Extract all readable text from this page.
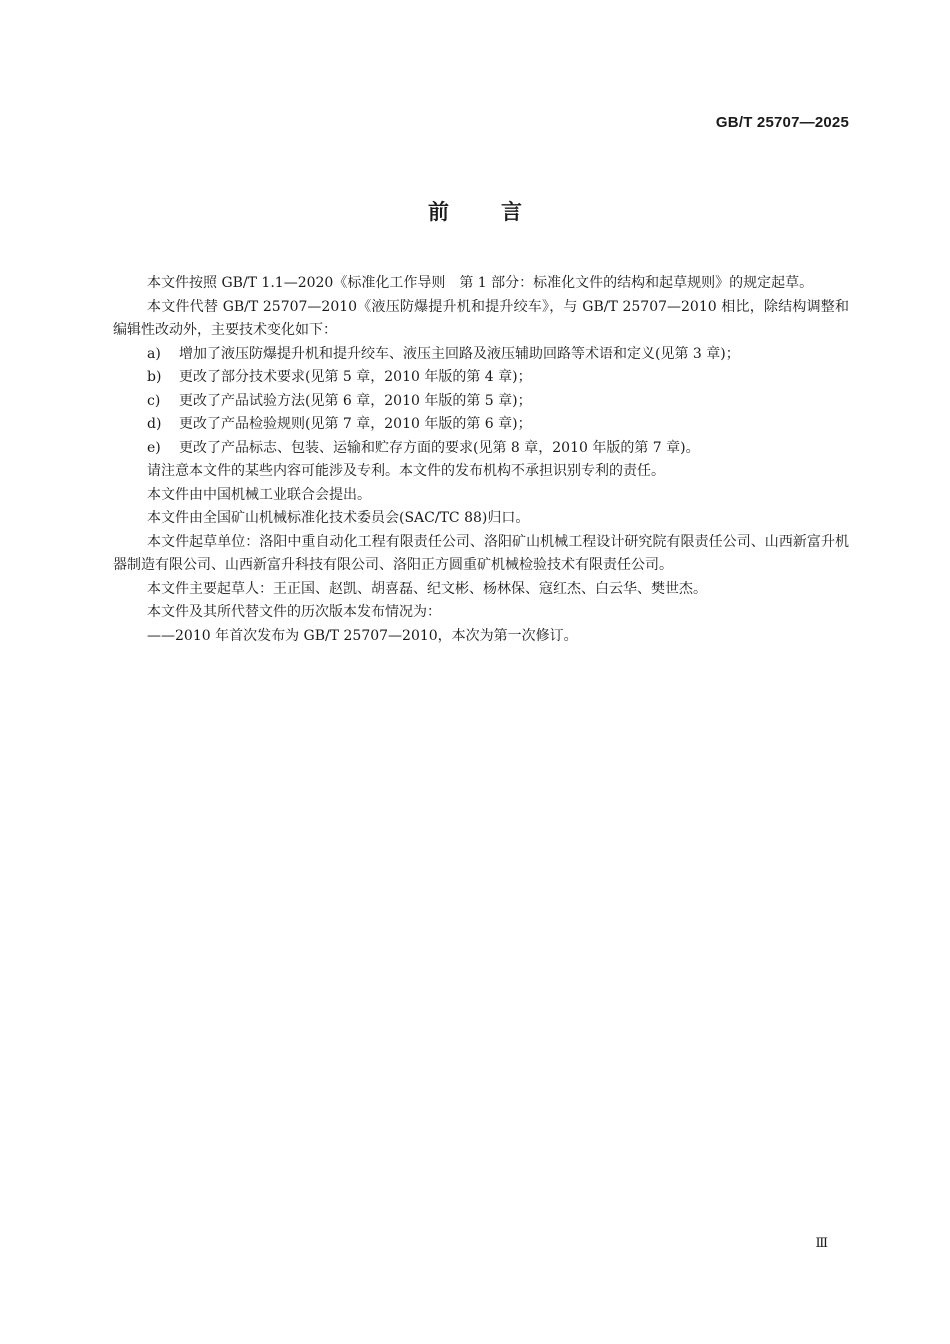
GB/T 25707—2025
前言

本文件按照 GB/T 1.1—2020《标准化工作导则　第 1 部分：标准化文件的结构和起草规则》的规定起草。

本文件代替 GB/T 25707—2010《液压防爆提升机和提升绞车》，与 GB/T 25707—2010 相比，除结构调整和编辑性改动外，主要技术变化如下：

a) 增加了液压防爆提升机和提升绞车、液压主回路及液压辅助回路等术语和定义(见第 3 章)；

b) 更改了部分技术要求(见第 5 章，2010 年版的第 4 章)；

c) 更改了产品试验方法(见第 6 章，2010 年版的第 5 章)；

d) 更改了产品检验规则(见第 7 章，2010 年版的第 6 章)；

e) 更改了产品标志、包装、运输和贮存方面的要求(见第 8 章，2010 年版的第 7 章)。

请注意本文件的某些内容可能涉及专利。本文件的发布机构不承担识别专利的责任。

本文件由中国机械工业联合会提出。

本文件由全国矿山机械标准化技术委员会(SAC/TC 88)归口。

本文件起草单位：洛阳中重自动化工程有限责任公司、洛阳矿山机械工程设计研究院有限责任公司、山西新富升机器制造有限公司、山西新富升科技有限公司、洛阳正方圆重矿机械检验技术有限责任公司。

本文件主要起草人：王正国、赵凯、胡喜磊、纪文彬、杨林保、寇红杰、白云华、樊世杰。

本文件及其所代替文件的历次版本发布情况为：

——2010 年首次发布为 GB/T 25707—2010，本次为第一次修订。

Ⅲ
